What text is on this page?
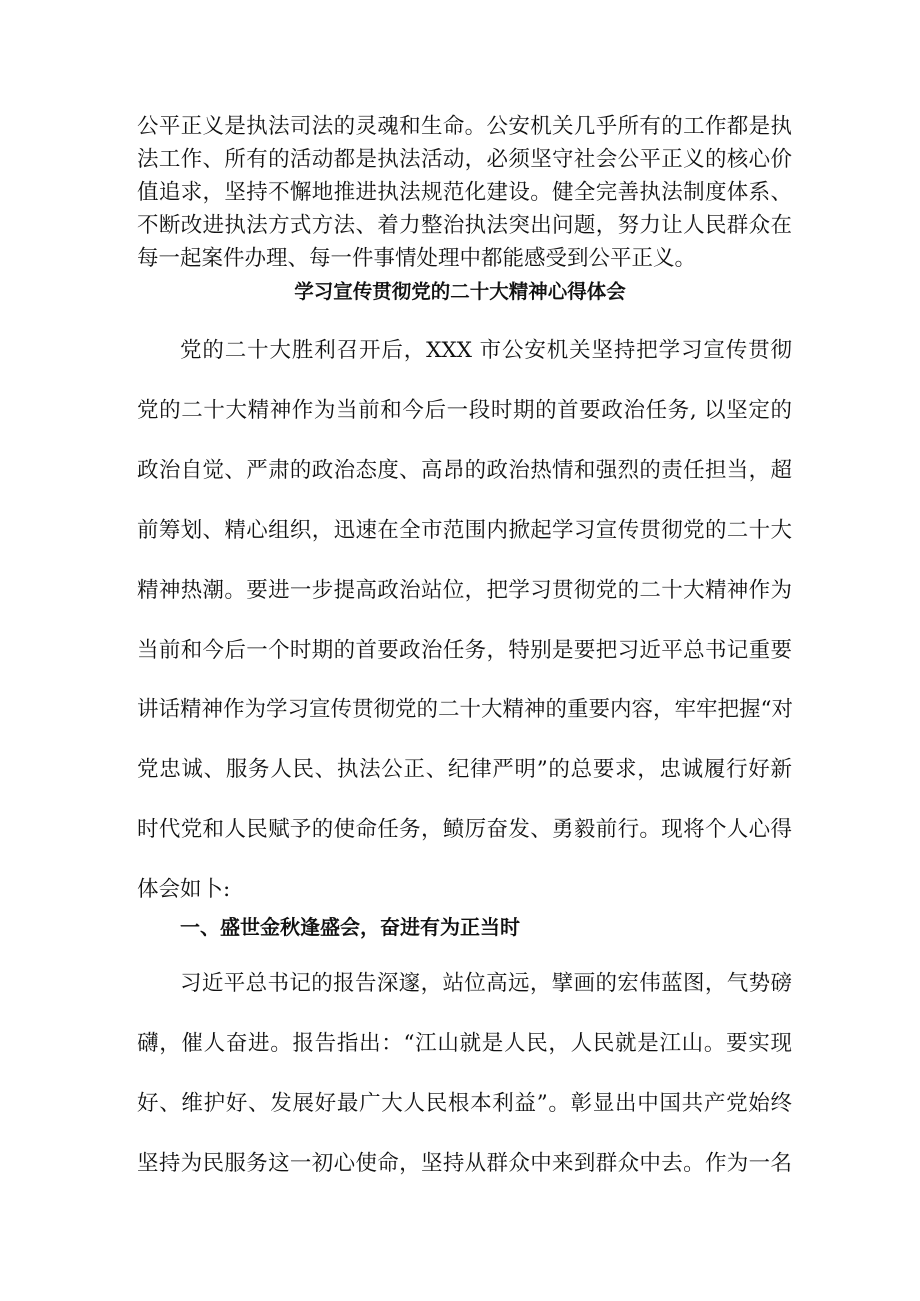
公平正义是执法司法的灵魂和生命。公安机关几乎所有的工作都是执
法工作、所有的活动都是执法活动，必须坚守社会公平正义的核心价
值追求，坚持不懈地推进执法规范化建设。健全完善执法制度体系、
不断改进执法方式方法、着力整治执法突出问题，努力让人民群众在
每一起案件办理、每一件事情处理中都能感受到公平正义。
学习宣传贯彻党的二十大精神心得体会
党的二十大胜利召开后，XXX 市公安机关坚持把学习宣传贯彻
党的二十大精神作为当前和今后一段时期的首要政治任务, 以坚定的
政治自觉、严肃的政治态度、高昂的政治热情和强烈的责任担当，超
前筹划、精心组织，迅速在全市范围内掀起学习宣传贯彻党的二十大
精神热潮。要进一步提高政治站位，把学习贯彻党的二十大精神作为
当前和今后一个时期的首要政治任务，特别是要把习近平总书记重要
讲话精神作为学习宣传贯彻党的二十大精神的重要内容，牢牢把握“对
党忠诚、服务人民、执法公正、纪律严明”的总要求，忠诚履行好新
时代党和人民赋予的使命任务，鲼厉奋发、勇毅前行。现将个人心得
体会如卜:
一、盛世金秋逢盛会，奋进有为正当时
习近平总书记的报告深邃，站位高远，擘画的宏伟蓝图，气势磅
礴，催人奋进。报告指出：“江山就是人民，人民就是江山。要实现
好、维护好、发展好最广大人民根本利益”。彰显出中国共产党始终
坚持为民服务这一初心使命，坚持从群众中来到群众中去。作为一名
